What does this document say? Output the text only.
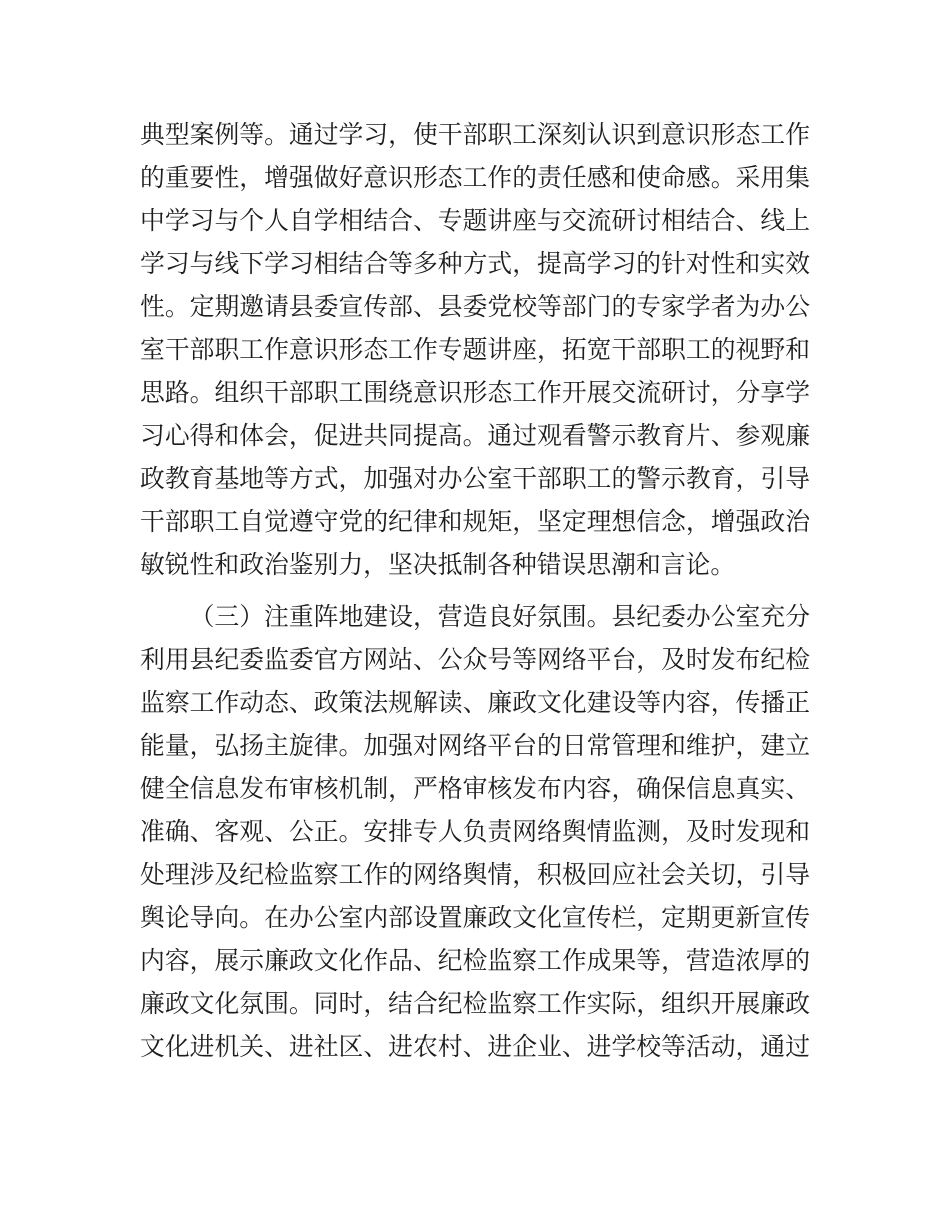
典型案例等。通过学习，使干部职工深刻认识到意识形态工作
的重要性，增强做好意识形态工作的责任感和使命感。采用集
中学习与个人自学相结合、专题讲座与交流研讨相结合、线上
学习与线下学习相结合等多种方式，提高学习的针对性和实效
性。定期邀请县委宣传部、县委党校等部门的专家学者为办公
室干部职工作意识形态工作专题讲座，拓宽干部职工的视野和
思路。组织干部职工围绕意识形态工作开展交流研讨，分享学
习心得和体会，促进共同提高。通过观看警示教育片、参观廉
政教育基地等方式，加强对办公室干部职工的警示教育，引导
干部职工自觉遵守党的纪律和规矩，坚定理想信念，增强政治
敏锐性和政治鉴别力，坚决抵制各种错误思潮和言论。
（三）注重阵地建设，营造良好氛围。县纪委办公室充分
利用县纪委监委官方网站、公众号等网络平台，及时发布纪检
监察工作动态、政策法规解读、廉政文化建设等内容，传播正
能量，弘扬主旋律。加强对网络平台的日常管理和维护，建立
健全信息发布审核机制，严格审核发布内容，确保信息真实、
准确、客观、公正。安排专人负责网络舆情监测，及时发现和
处理涉及纪检监察工作的网络舆情，积极回应社会关切，引导
舆论导向。在办公室内部设置廉政文化宣传栏，定期更新宣传
内容，展示廉政文化作品、纪检监察工作成果等，营造浓厚的
廉政文化氛围。同时，结合纪检监察工作实际，组织开展廉政
文化进机关、进社区、进农村、进企业、进学校等活动，通过
